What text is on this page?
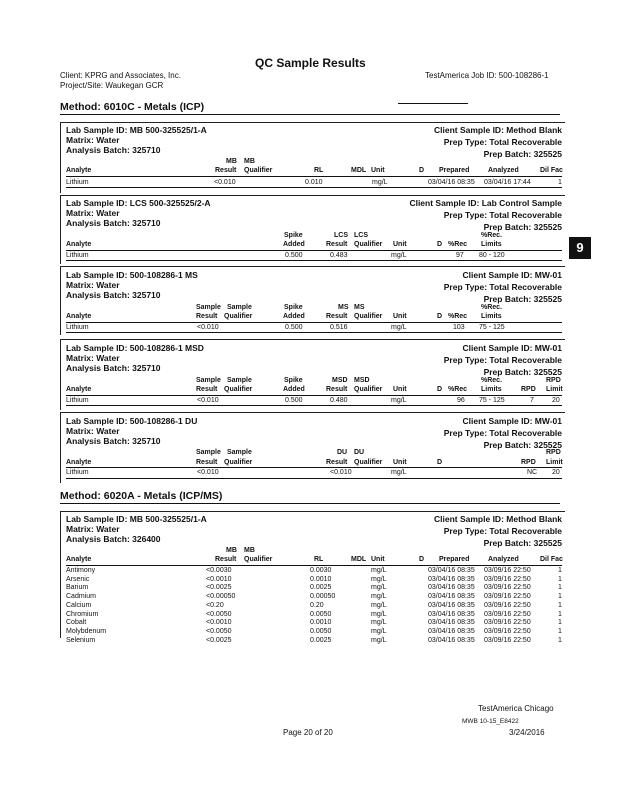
QC Sample Results
Client: KPRG and Associates, Inc.
Project/Site: Waukegan GCR
TestAmerica Job ID: 500-108286-1
9
Method: 6010C - Metals (ICP)
Lab Sample ID: MB 500-325525/1-A
Matrix: Water
Analysis Batch: 325710
Client Sample ID: Method Blank
Prep Type: Total Recoverable
Prep Batch: 325525
MB MB
Analyte	Result Qualifier	RL	MDL Unit	D Prepared	Analyzed	Dil Fac
Lithium	<0.010	0.010	mg/L	03/04/16 08:35 03/04/16 17:44	1
Lab Sample ID: LCS 500-325525/2-A
Matrix: Water
Analysis Batch: 325710
Client Sample ID: Lab Control Sample
Prep Type: Total Recoverable
Prep Batch: 325525
Spike	LCS LCS	%Rec.
Analyte	Added	Result Qualifier Unit	D %Rec Limits
Lithium	0.500	0.483	mg/L	97 80 - 120
Lab Sample ID: 500-108286-1 MS
Matrix: Water
Analysis Batch: 325710
Client Sample ID: MW-01
Prep Type: Total Recoverable
Prep Batch: 325525
Sample Sample	Spike	MS MS	%Rec.
Analyte	Result Qualifier	Added	Result Qualifier Unit	D %Rec Limits
Lithium	<0.010	0.500	0.516	mg/L	103 75 - 125
Lab Sample ID: 500-108286-1 MSD
Matrix: Water
Analysis Batch: 325710
Client Sample ID: MW-01
Prep Type: Total Recoverable
Prep Batch: 325525
Sample Sample	Spike	MSD MSD	%Rec.	RPD
Analyte	Result Qualifier	Added	Result Qualifier Unit	D %Rec Limits	RPD Limit
Lithium	<0.010	0.500	0.480	mg/L	96 75 - 125	7	20
Lab Sample ID: 500-108286-1 DU
Matrix: Water
Analysis Batch: 325710
Client Sample ID: MW-01
Prep Type: Total Recoverable
Prep Batch: 325525
Sample Sample	DU DU	RPD
Analyte	Result Qualifier	Result Qualifier Unit	D	RPD Limit
Lithium	<0.010	<0.010	mg/L	NC 20
Method: 6020A - Metals (ICP/MS)
Lab Sample ID: MB 500-325525/1-A
Matrix: Water
Analysis Batch: 326400
Client Sample ID: Method Blank
Prep Type: Total Recoverable
Prep Batch: 325525
MB MB
Analyte	Result Qualifier	RL	MDL Unit	D Prepared	Analyzed	Dil Fac
Antimony	<0.0030	0.0030	mg/L	03/04/16 08:35 03/09/16 22:50	1
Arsenic	<0.0010	0.0010	mg/L	03/04/16 08:35 03/09/16 22:50	1
Barium	<0.0025	0.0025	mg/L	03/04/16 08:35 03/09/16 22:50	1
Cadmium	<0.00050	0.00050	mg/L	03/04/16 08:35 03/09/16 22:50	1
Calcium	<0.20	0.20	mg/L	03/04/16 08:35 03/09/16 22:50	1
Chromium	<0.0050	0.0050	mg/L	03/04/16 08:35 03/09/16 22:50	1
Cobalt	<0.0010	0.0010	mg/L	03/04/16 08:35 03/09/16 22:50	1
Molybdenum	<0.0050	0.0050	mg/L	03/04/16 08:35 03/09/16 22:50	1
Selenium	<0.0025	0.0025	mg/L	03/04/16 08:35 03/09/16 22:50	1
TestAmerica Chicago
MWB 10-15_E8422
Page 20 of 20	3/24/2016
